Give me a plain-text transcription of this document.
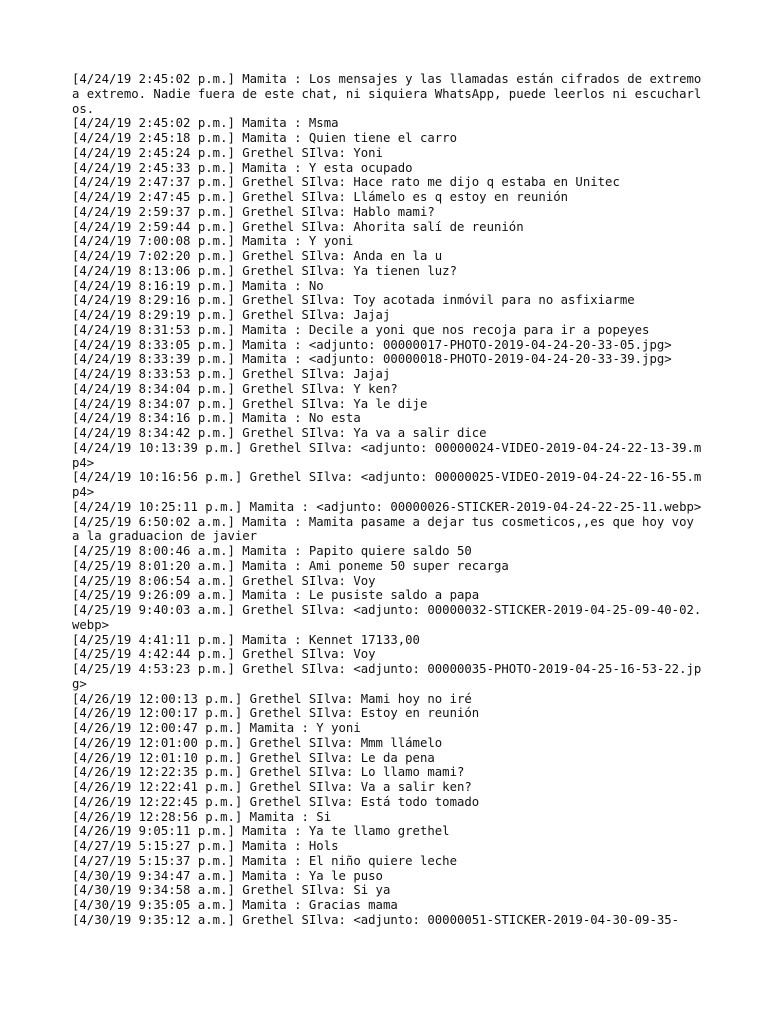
[4/24/19 2:45:02 p.m.] Mamita : Los mensajes y las llamadas están cifrados de extremo a extremo. Nadie fuera de este chat, ni siquiera WhatsApp, puede leerlos ni escucharlos.
[4/24/19 2:45:02 p.m.] Mamita : Msma
[4/24/19 2:45:18 p.m.] Mamita : Quien tiene el carro
[4/24/19 2:45:24 p.m.] Grethel SIlva: Yoni
[4/24/19 2:45:33 p.m.] Mamita : Y esta ocupado
[4/24/19 2:47:37 p.m.] Grethel SIlva: Hace rato me dijo q estaba en Unitec
[4/24/19 2:47:45 p.m.] Grethel SIlva: Llámelo es q estoy en reunión
[4/24/19 2:59:37 p.m.] Grethel SIlva: Hablo mami?
[4/24/19 2:59:44 p.m.] Grethel SIlva: Ahorita salí de reunión
[4/24/19 7:00:08 p.m.] Mamita : Y yoni
[4/24/19 7:02:20 p.m.] Grethel SIlva: Anda en la u
[4/24/19 8:13:06 p.m.] Grethel SIlva: Ya tienen luz?
[4/24/19 8:16:19 p.m.] Mamita : No
[4/24/19 8:29:16 p.m.] Grethel SIlva: Toy acotada inmóvil para no asfixiarme
[4/24/19 8:29:19 p.m.] Grethel SIlva: Jajaj
[4/24/19 8:31:53 p.m.] Mamita : Decile a yoni que nos recoja para ir a popeyes
[4/24/19 8:33:05 p.m.] Mamita : <adjunto: 00000017-PHOTO-2019-04-24-20-33-05.jpg>
[4/24/19 8:33:39 p.m.] Mamita : <adjunto: 00000018-PHOTO-2019-04-24-20-33-39.jpg>
[4/24/19 8:33:53 p.m.] Grethel SIlva: Jajaj
[4/24/19 8:34:04 p.m.] Grethel SIlva: Y ken?
[4/24/19 8:34:07 p.m.] Grethel SIlva: Ya le dije
[4/24/19 8:34:16 p.m.] Mamita : No esta
[4/24/19 8:34:42 p.m.] Grethel SIlva: Ya va a salir dice
[4/24/19 10:13:39 p.m.] Grethel SIlva: <adjunto: 00000024-VIDEO-2019-04-24-22-13-39.mp4>
[4/24/19 10:16:56 p.m.] Grethel SIlva: <adjunto: 00000025-VIDEO-2019-04-24-22-16-55.mp4>
[4/24/19 10:25:11 p.m.] Mamita : <adjunto: 00000026-STICKER-2019-04-24-22-25-11.webp>
[4/25/19 6:50:02 a.m.] Mamita : Mamita pasame a dejar tus cosmeticos,,es que hoy voy a la graduacion de javier
[4/25/19 8:00:46 a.m.] Mamita : Papito quiere saldo 50
[4/25/19 8:01:20 a.m.] Mamita : Ami poneme 50 super recarga
[4/25/19 8:06:54 a.m.] Grethel SIlva: Voy
[4/25/19 9:26:09 a.m.] Mamita : Le pusiste saldo a papa
[4/25/19 9:40:03 a.m.] Grethel SIlva: <adjunto: 00000032-STICKER-2019-04-25-09-40-02.webp>
[4/25/19 4:41:11 p.m.] Mamita : Kennet 17133,00
[4/25/19 4:42:44 p.m.] Grethel SIlva: Voy
[4/25/19 4:53:23 p.m.] Grethel SIlva: <adjunto: 00000035-PHOTO-2019-04-25-16-53-22.jpg>
[4/26/19 12:00:13 p.m.] Grethel SIlva: Mami hoy no iré
[4/26/19 12:00:17 p.m.] Grethel SIlva: Estoy en reunión
[4/26/19 12:00:47 p.m.] Mamita : Y yoni
[4/26/19 12:01:00 p.m.] Grethel SIlva: Mmm llámelo
[4/26/19 12:01:10 p.m.] Grethel SIlva: Le da pena
[4/26/19 12:22:35 p.m.] Grethel SIlva: Lo llamo mami?
[4/26/19 12:22:41 p.m.] Grethel SIlva: Va a salir ken?
[4/26/19 12:22:45 p.m.] Grethel SIlva: Está todo tomado
[4/26/19 12:28:56 p.m.] Mamita : Si
[4/26/19 9:05:11 p.m.] Mamita : Ya te llamo grethel
[4/27/19 5:15:27 p.m.] Mamita : Hols
[4/27/19 5:15:37 p.m.] Mamita : El niño quiere leche
[4/30/19 9:34:47 a.m.] Mamita : Ya le puso
[4/30/19 9:34:58 a.m.] Grethel SIlva: Si ya
[4/30/19 9:35:05 a.m.] Mamita : Gracias mama
[4/30/19 9:35:12 a.m.] Grethel SIlva: <adjunto: 00000051-STICKER-2019-04-30-09-35-
